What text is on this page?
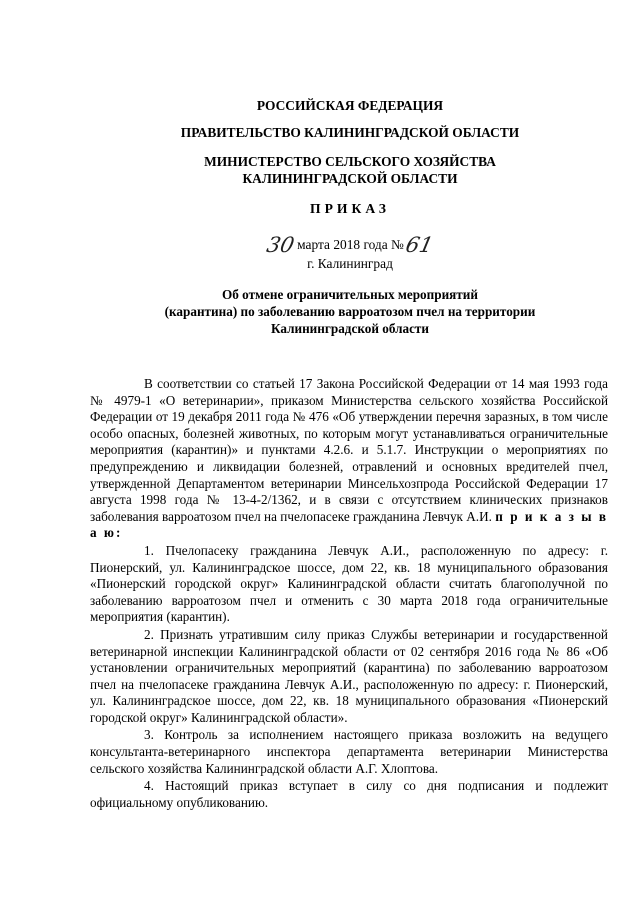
РОССИЙСКАЯ ФЕДЕРАЦИЯ
ПРАВИТЕЛЬСТВО КАЛИНИНГРАДСКОЙ ОБЛАСТИ
МИНИСТЕРСТВО СЕЛЬСКОГО ХОЗЯЙСТВА
КАЛИНИНГРАДСКОЙ ОБЛАСТИ
ПРИКАЗ
30марта 2018 года №61
г. Калининград
Об отмене ограничительных мероприятий
(карантина) по заболеванию варроатозом пчел на территории
Калининградской области

В соответствии со статьей 17 Закона Российской Федерации от 14 мая 1993 года № 4979-1 «О ветеринарии», приказом Министерства сельского хозяйства Российской Федерации от 19 декабря 2011 года № 476 «Об утверждении перечня заразных, в том числе особо опасных, болезней животных, по которым могут устанавливаться ограничительные мероприятия (карантин)» и пунктами 4.2.6. и 5.1.7. Инструкции о мероприятиях по предупреждению и ликвидации болезней, отравлений и основных вредителей пчел, утвержденной Департаментом ветеринарии Минсельхозпрода Российской Федерации 17 августа 1998 года № 13-4-2/1362, и в связи с отсутствием клинических признаков заболевания варроатозом пчел на пчелопасеке гражданина Левчук А.И. п р и к а з ы в а ю:

1. Пчелопасеку гражданина Левчук А.И., расположенную по адресу: г. Пионерский, ул. Калининградское шоссе, дом 22, кв. 18 муниципального образования «Пионерский городской округ» Калининградской области считать благополучной по заболеванию варроатозом пчел и отменить с 30 марта 2018 года ограничительные мероприятия (карантин).

2. Признать утратившим силу приказ Службы ветеринарии и государственной ветеринарной инспекции Калининградской области от 02 сентября 2016 года № 86 «Об установлении ограничительных мероприятий (карантина) по заболеванию варроатозом пчел на пчелопасеке гражданина Левчук А.И., расположенную по адресу: г. Пионерский, ул. Калининградское шоссе, дом 22, кв. 18 муниципального образования «Пионерский городской округ» Калининградской области».

3. Контроль за исполнением настоящего приказа возложить на ведущего консультанта-ветеринарного инспектора департамента ветеринарии Министерства сельского хозяйства Калининградской области А.Г. Хлоптова.

4. Настоящий приказ вступает в силу со дня подписания и подлежит официальному опубликованию.
